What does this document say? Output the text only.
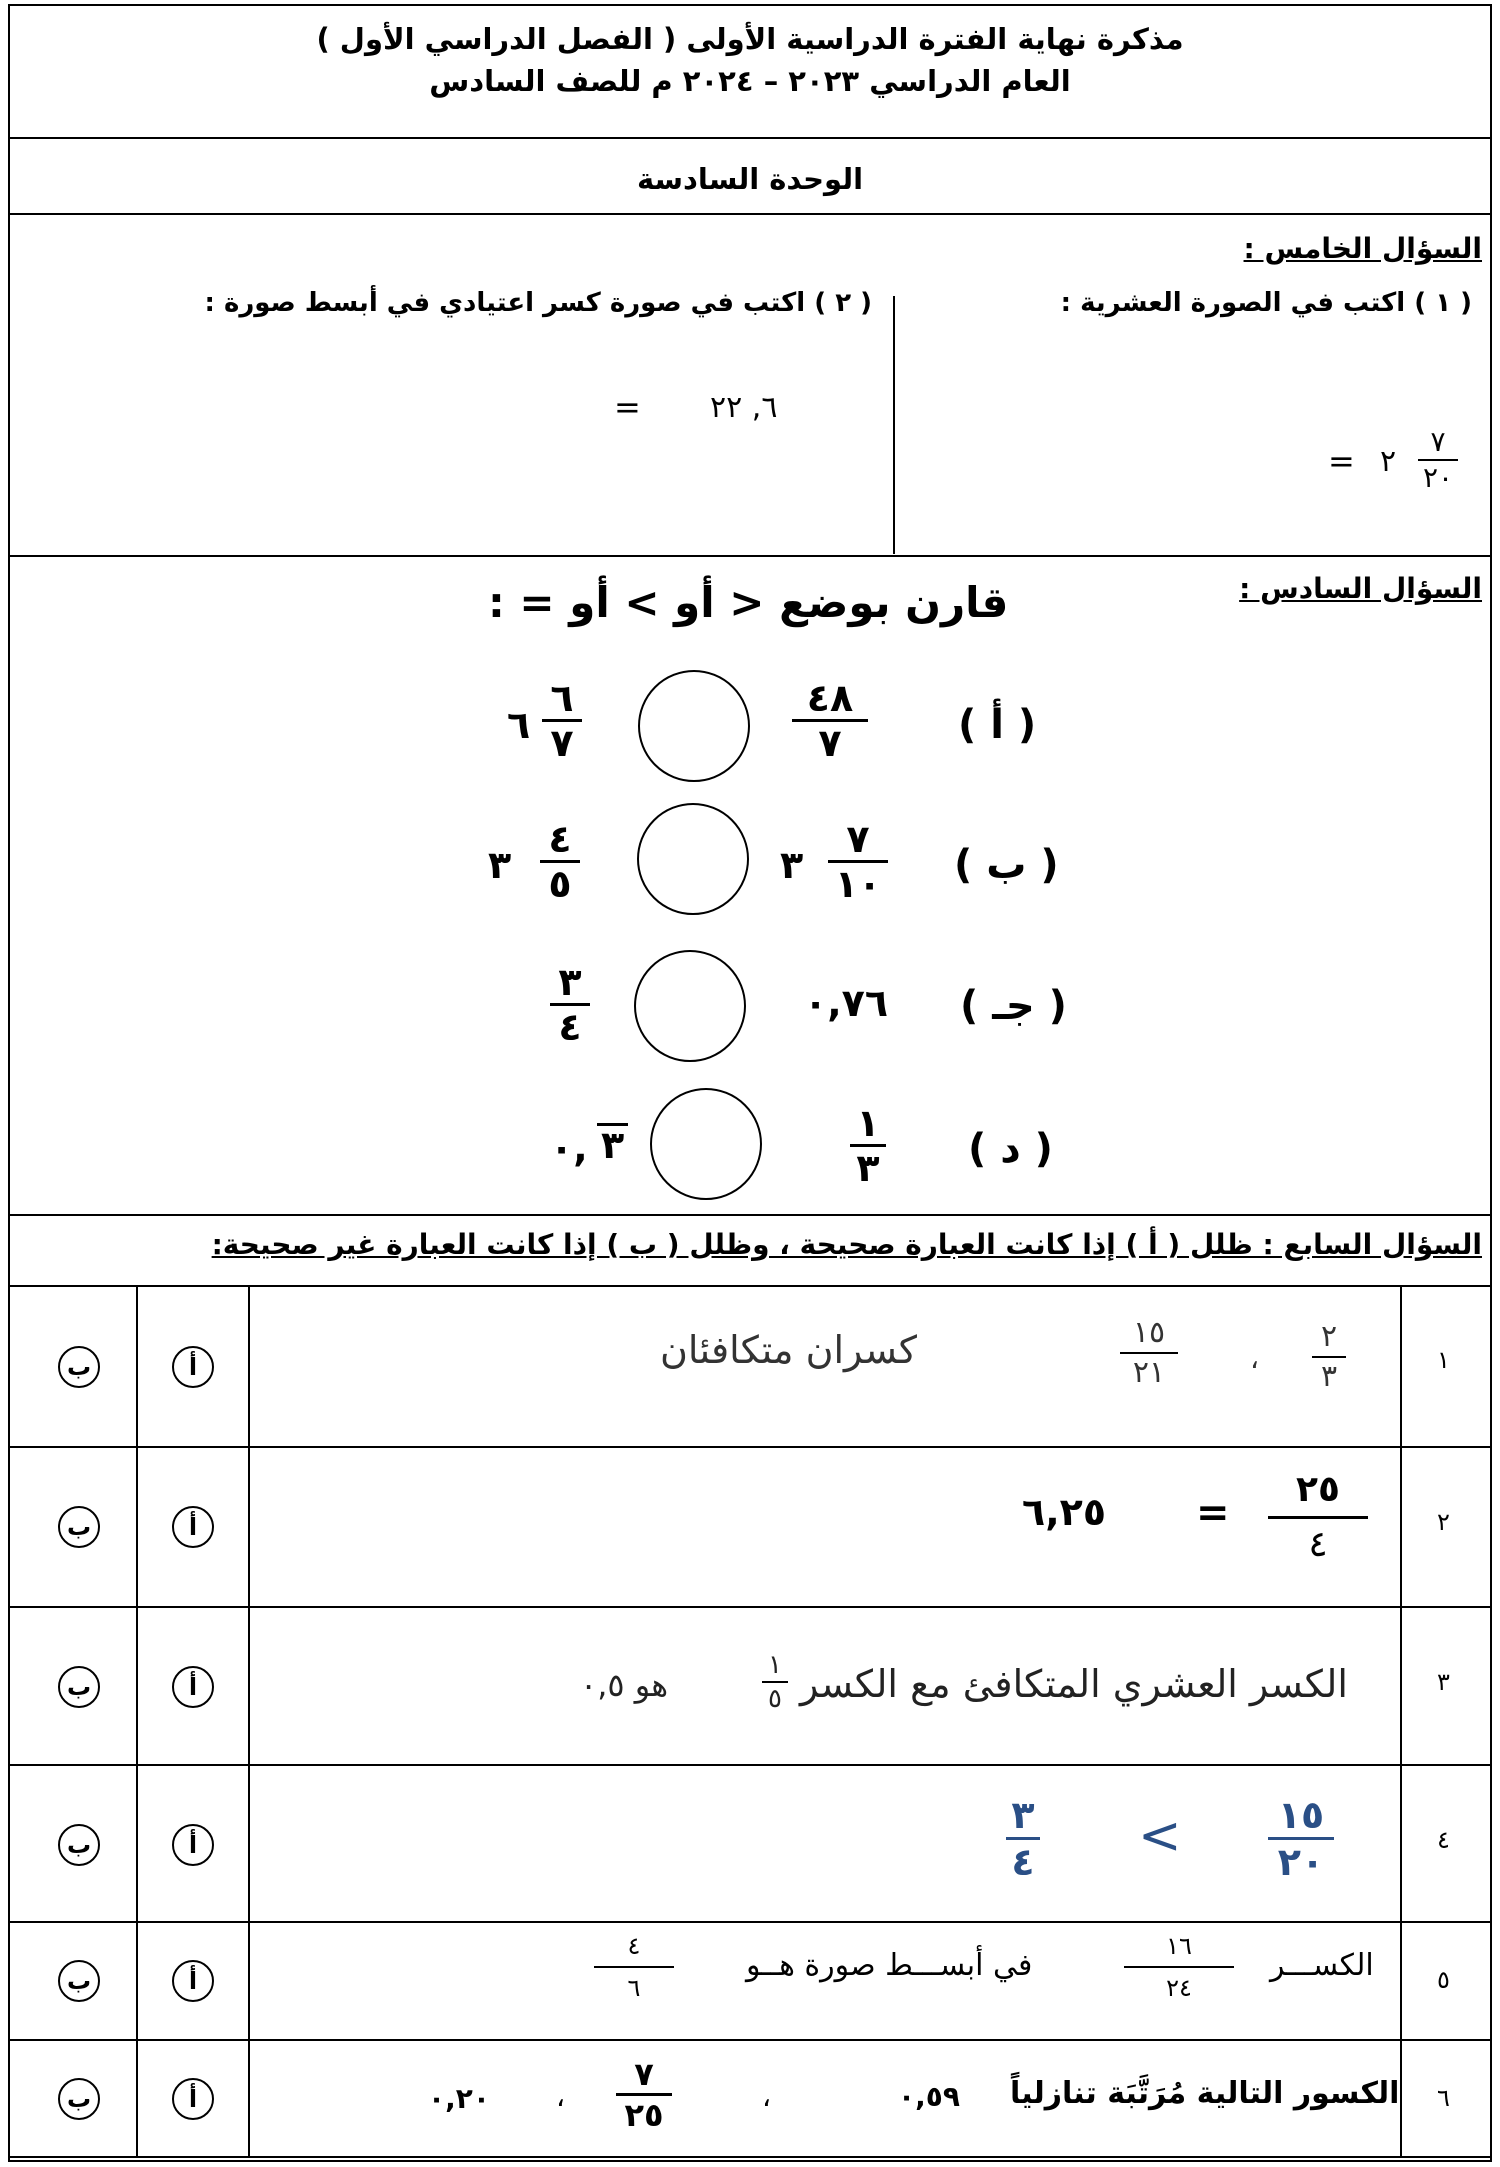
مذكرة نهاية الفترة الدراسية الأولى ( الفصل الدراسي الأول )
العام الدراسي ٢٠٢٣ – ٢٠٢٤ م للصف السادس
الوحدة السادسة
السؤال الخامس :
( ١ ) اكتب في الصورة العشرية :
( ٢ ) اكتب في صورة كسر اعتيادي في أبسط صورة :
٦, ٢٢
=
٧
٢٠
٢
=
السؤال السادس :
قارن بوضع < أو > أو = :
( أ )
٤٨
٧
٦
٧
٦
( ب )
٧
١٠
٣
٤
٥
٣
( جـ )
٠,٧٦
٣
٤
( د )
١
٣
٣
٠,
السؤال السابع : ظلل ( أ ) إذا كانت العبارة صحيحة ، وظلل ( ب ) إذا كانت العبارة غير صحيحة:
١
٢
٣
٤
٥
٦
أ
ب
أ
ب
أ
ب
أ
ب
أ
ب
أ
ب
٢
٣
،
١٥
٢١
كسران متكافئان
٢٥
٤
=
٦,٢٥
الكسر العشري المتكافئ مع الكسر
١
٥
هو ٠,٥
١٥
٢٠
<
٣
٤
الكســـر
١٦
٢٤
في أبســـط صورة هــو
٤
٦
الكسور التالية مُرَتَّبَة تنازلياً
٠,٥٩
،
٧
٢٥
،
٠,٢٠
